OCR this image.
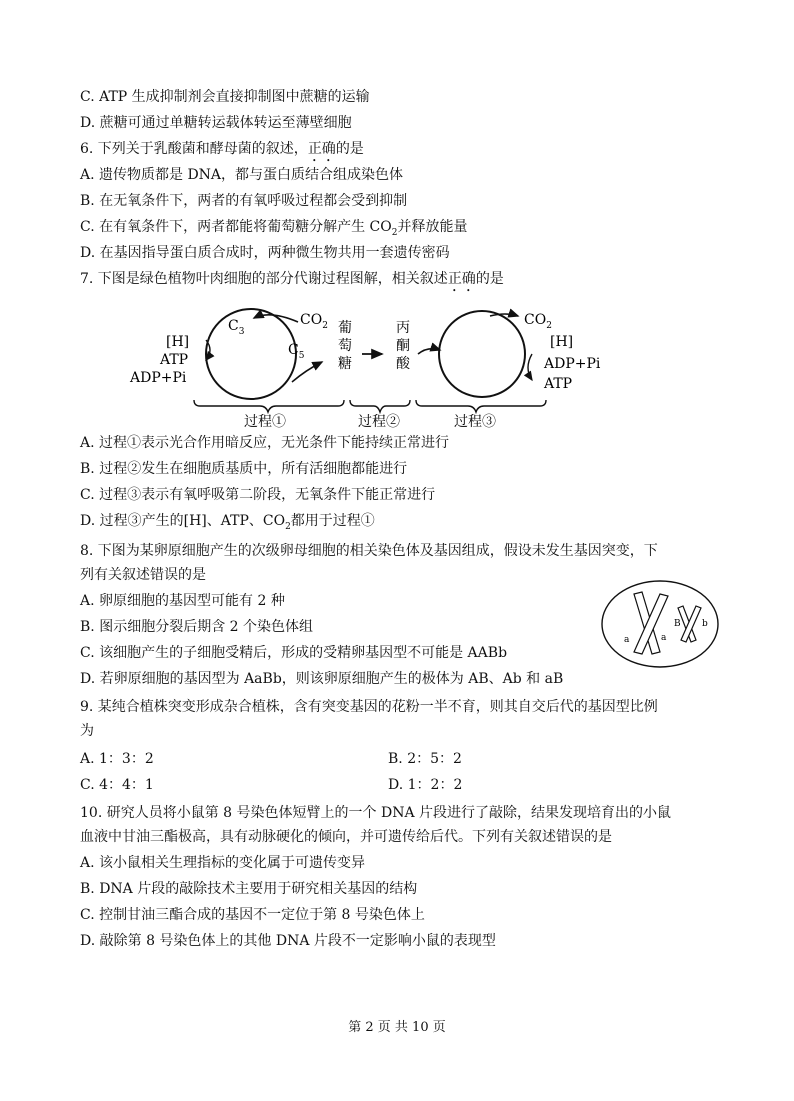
C. ATP 生成抑制剂会直接抑制图中蔗糖的运输
D. 蔗糖可通过单糖转运载体转运至薄壁细胞
6. 下列关于乳酸菌和酵母菌的叙述，正确的是
A. 遗传物质都是 DNA，都与蛋白质结合组成染色体
B. 在无氧条件下，两者的有氧呼吸过程都会受到抑制
C. 在有氧条件下，两者都能将葡萄糖分解产生 $CO_2$并释放能量
D. 在基因指导蛋白质合成时，两种微生物共用一套遗传密码
7. 下图是绿色植物叶肉细胞的部分代谢过程图解，相关叙述正确的是
[H]
ATP
ADP+Pi
$C_3$
$CO_2$
$C_5$
葡
萄
糖
丙
酮
酸
$CO_2$
[H]
ADP+Pi
ATP
过程①	过程②	过程③
A. 过程①表示光合作用暗反应，无光条件下能持续正常进行
B. 过程②发生在细胞质基质中，所有活细胞都能进行
C. 过程③表示有氧呼吸第二阶段，无氧条件下能正常进行
D. 过程③产生的[H]、ATP、$CO_2$都用于过程①
8. 下图为某卵原细胞产生的次级卵母细胞的相关染色体及基因组成，假设未发生基因突变，下
列有关叙述错误的是
A. 卵原细胞的基因型可能有 2 种
B. 图示细胞分裂后期含 2 个染色体组
C. 该细胞产生的子细胞受精后，形成的受精卵基因型不可能是 AABb
D. 若卵原细胞的基因型为 AaBb，则该卵原细胞产生的极体为 AB、Ab 和 aB
a	a
B b
9. 某纯合植株突变形成杂合植株，含有突变基因的花粉一半不育，则其自交后代的基因型比例
为
A. 1：3：2	B. 2：5：2
C. 4：4：1	D. 1：2：2
10. 研究人员将小鼠第 8 号染色体短臂上的一个 DNA 片段进行了敲除，结果发现培育出的小鼠
血液中甘油三酯极高，具有动脉硬化的倾向，并可遗传给后代。下列有关叙述错误的是
A. 该小鼠相关生理指标的变化属于可遗传变异
B. DNA 片段的敲除技术主要用于研究相关基因的结构
C. 控制甘油三酯合成的基因不一定位于第 8 号染色体上
D. 敲除第 8 号染色体上的其他 DNA 片段不一定影响小鼠的表现型
第 2 页 共 10 页
